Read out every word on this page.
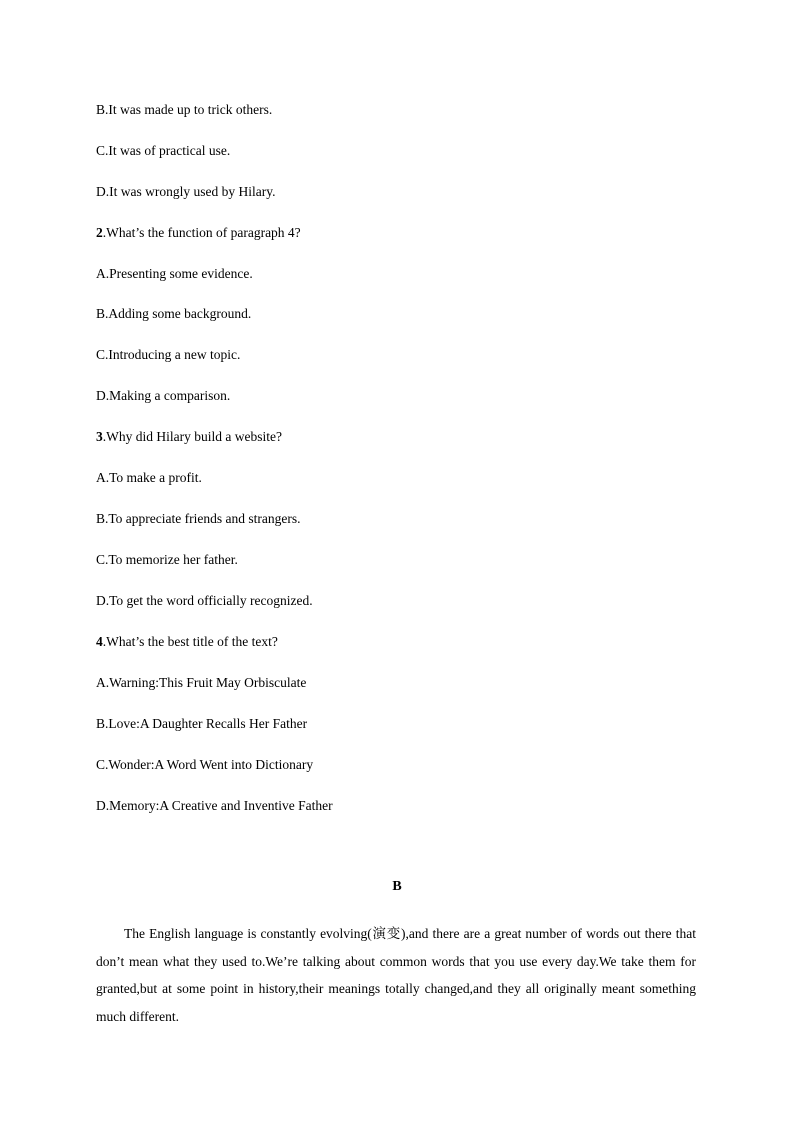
B.It was made up to trick others.
C.It was of practical use.
D.It was wrongly used by Hilary.
2.What’s the function of paragraph 4?
A.Presenting some evidence.
B.Adding some background.
C.Introducing a new topic.
D.Making a comparison.
3.Why did Hilary build a website?
A.To make a profit.
B.To appreciate friends and strangers.
C.To memorize her father.
D.To get the word officially recognized.
4.What’s the best title of the text?
A.Warning:This Fruit May Orbisculate
B.Love:A Daughter Recalls Her Father
C.Wonder:A Word Went into Dictionary
D.Memory:A Creative and Inventive Father
B
The English language is constantly evolving(演变),and there are a great number of words out there that don’t mean what they used to.We’re talking about common words that you use every day.We take them for granted,but at some point in history,their meanings totally changed,and they all originally meant something much different.
